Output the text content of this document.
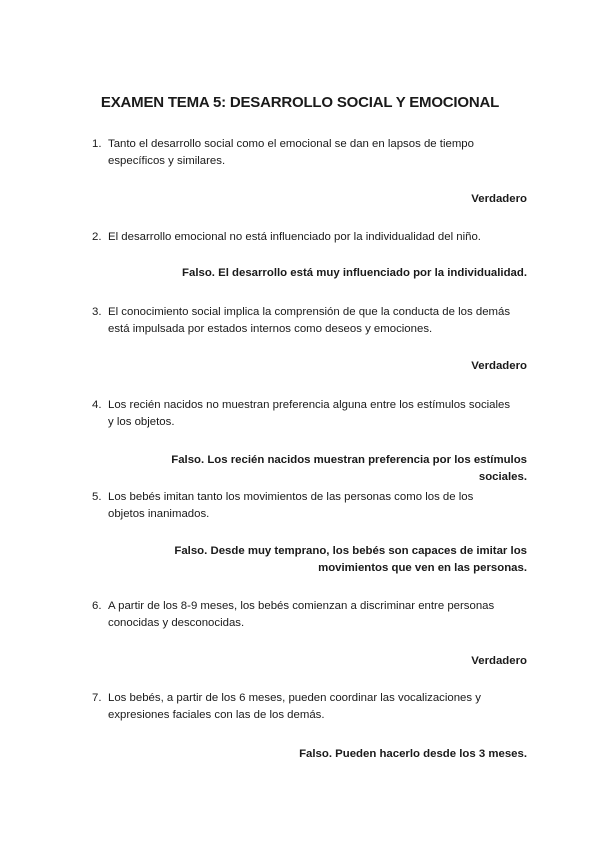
EXAMEN TEMA 5: DESARROLLO SOCIAL Y EMOCIONAL
1. Tanto el desarrollo social como el emocional se dan en lapsos de tiempo específicos y similares.
Verdadero
2. El desarrollo emocional no está influenciado por la individualidad del niño.
Falso. El desarrollo está muy influenciado por la individualidad.
3. El conocimiento social implica la comprensión de que la conducta de los demás está impulsada por estados internos como deseos y emociones.
Verdadero
4. Los recién nacidos no muestran preferencia alguna entre los estímulos sociales y los objetos.
Falso. Los recién nacidos muestran preferencia por los estímulos sociales.
5. Los bebés imitan tanto los movimientos de las personas como los de los objetos inanimados.
Falso. Desde muy temprano, los bebés son capaces de imitar los movimientos que ven en las personas.
6. A partir de los 8-9 meses, los bebés comienzan a discriminar entre personas conocidas y desconocidas.
Verdadero
7. Los bebés, a partir de los 6 meses, pueden coordinar las vocalizaciones y expresiones faciales con las de los demás.
Falso. Pueden hacerlo desde los 3 meses.
